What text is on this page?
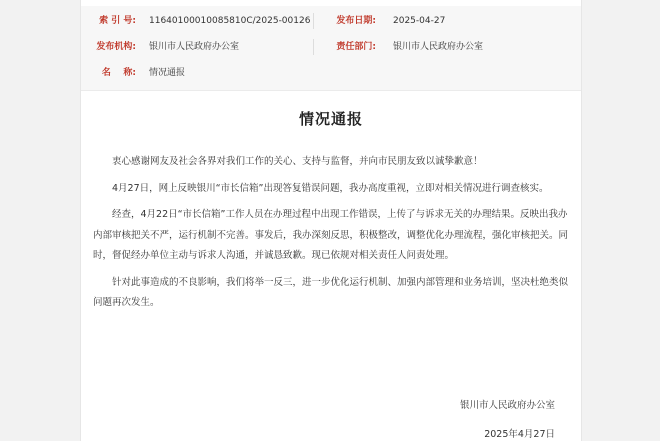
索 引 号: 11640100010085810C/2025-00126	发布日期: 2025-04-27
发布机构: 银川市人民政府办公室	责任部门: 银川市人民政府办公室
名    称: 情况通报
情况通报

衷心感谢网友及社会各界对我们工作的关心、支持与监督，并向市民朋友致以诚挚歉意！

4月27日，网上反映银川“市长信箱”出现答复错误问题，我办高度重视，立即对相关情况进行调查核实。

经查，4月22日“市长信箱”工作人员在办理过程中出现工作错误，上传了与诉求无关的办理结果。反映出我办内部审核把关不严，运行机制不完善。事发后，我办深刻反思，积极整改，调整优化办理流程，强化审核把关。同时，督促经办单位主动与诉求人沟通，并诚恳致歉。现已依规对相关责任人问责处理。

针对此事造成的不良影响，我们将举一反三，进一步优化运行机制、加强内部管理和业务培训，坚决杜绝类似问题再次发生。

银川市人民政府办公室
2025年4月27日
